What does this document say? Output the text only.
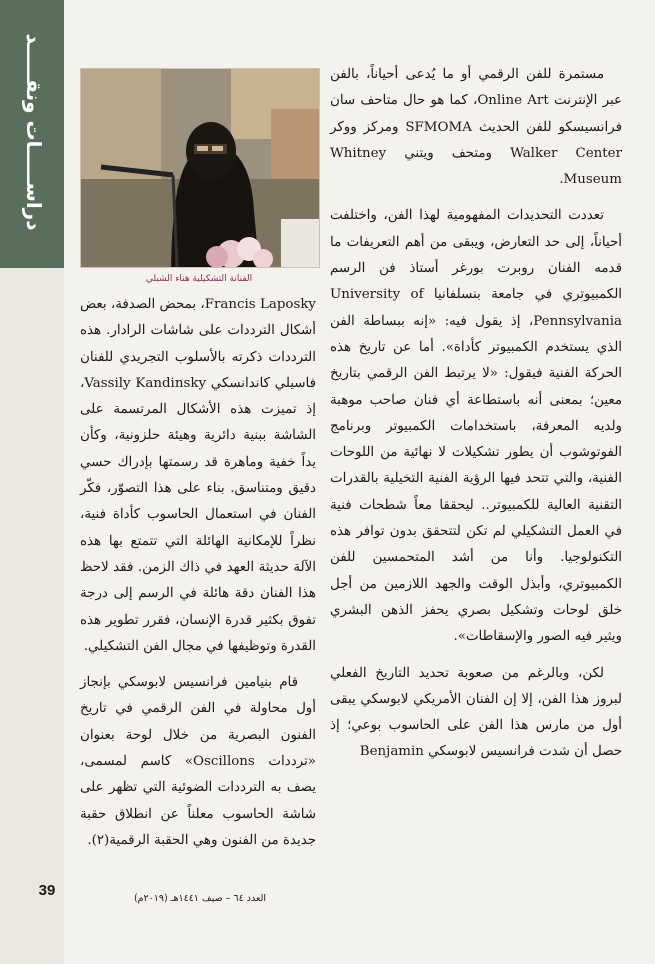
دراســـــات ونقـــــد
39
الفنانة التشكيلية هناء الشبلي

مستمرة للفن الرقمي أو ما يُدعى أحياناً، بالفن عبر الإنترنت Online Art، كما هو حال متاحف سان فرانسيسكو للفن الحديث SFMOMA ومركز ووكر Walker Center ومتحف ويتني Whitney Museum.

تعددت التحديدات المفهومية لهذا الفن، واختلفت أحياناً، إلى حد التعارض، ويبقى من أهم التعريفات ما قدمه الفنان روبرت بورغر أستاذ فن الرسم الكمبيوتري في جامعة بنسلفانيا University of Pennsylvania، إذ يقول فيه: «إنه ببساطة الفن الذي يستخدم الكمبيوتر كأداة». أما عن تاريخ هذه الحركة الفنية فيقول: «لا يرتبط الفن الرقمي بتاريخ معين؛ بمعنى أنه باستطاعة أي فنان صاحب موهبة ولديه المعرفة، باستخدامات الكمبيوتر وبرنامج الفوتوشوب أن يطور تشكيلات لا نهائية من اللوحات الفنية، والتي تتحد فيها الرؤية الفنية التخيلية بالقدرات التقنية العالية للكمبيوتر.. ليحققا معاً شطحات فنية في العمل التشكيلي لم تكن لتتحقق بدون توافر هذه التكنولوجيا. وأنا من أشد المتحمسين للفن الكمبيوتري، وأبذل الوقت والجهد اللازمين من أجل خلق لوحات وتشكيل بصري يحفز الذهن البشري ويثير فيه الصور والإسقاطات».

لكن، وبالرغم من صعوبة تحديد التاريخ الفعلي لبروز هذا الفن، إلا إن الفنان الأمريكي لابوسكي يبقى أول من مارس هذا الفن على الحاسوب بوعي؛ إذ حصل أن شدت فرانسيس لابوسكي Benjamin

Francis Laposky، بمحض الصدفة، بعض أشكال الترددات على شاشات الرادار. هذه الترددات ذكرته بالأسلوب التجريدي للفنان فاسيلي كاندانسكي Vassily Kandinsky، إذ تميزت هذه الأشكال المرتسمة على الشاشة ببنية دائرية وهيئة حلزونية، وكأن يداً خفية وماهرة قد رسمتها بإدراك حسي دقيق ومتناسق. بناء على هذا التصوّر، فكّر الفنان في استعمال الحاسوب كأداة فنية، نظراً للإمكانية الهائلة التي تتمتع بها هذه الآلة حديثة العهد في ذاك الزمن. فقد لاحظ هذا الفنان دقة هائلة في الرسم إلى درجة تفوق بكثير قدرة الإنسان، فقرر تطوير هذه القدرة وتوظيفها في مجال الفن التشكيلي.

قام بنيامين فرانسيس لابوسكي بإنجاز أول محاولة في الفن الرقمي في تاريخ الفنون البصرية من خلال لوحة بعنوان «ترددات Oscillons» كاسم لمسمى، يصف به الترددات الضوئية التي تظهر على شاشة الحاسوب معلناً عن انطلاق حقبة جديدة من الفنون وهي الحقبة الرقمية(٢).

العدد ٦٤ – صيف ١٤٤١هـ (٢٠١٩م)
